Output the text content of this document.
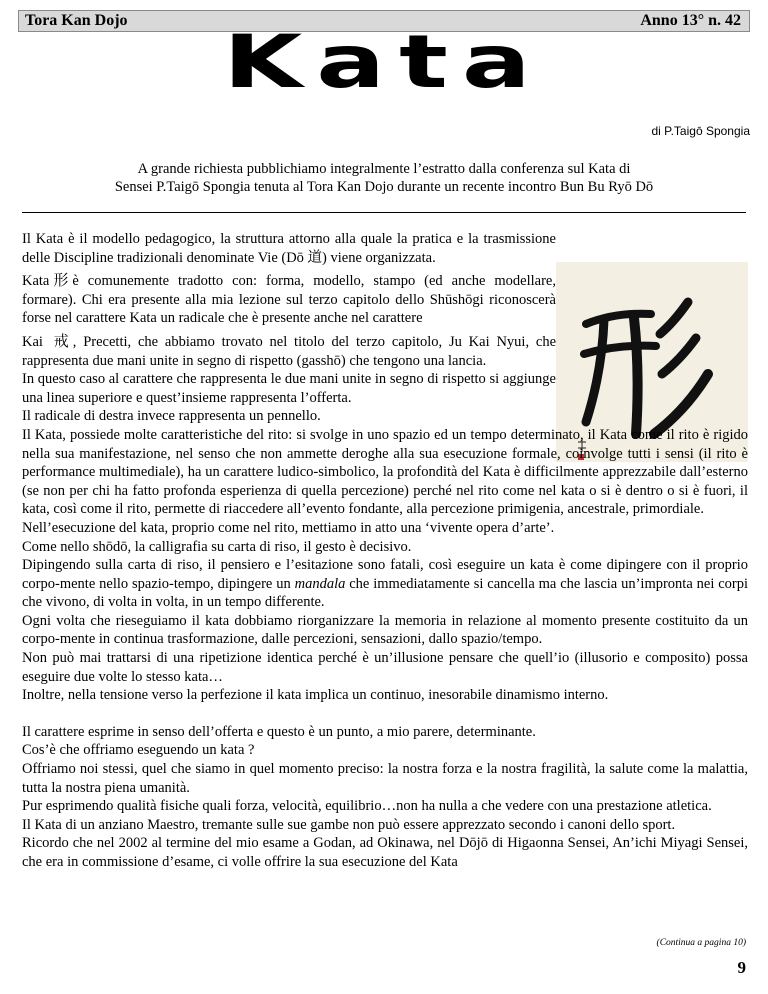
Tora Kan Dojo	Anno 13° n. 42
Kata
di P.Taigō Spongia
A grande richiesta pubblichiamo integralmente l’estratto dalla conferenza sul Kata di
Sensei P.Taigō Spongia tenuta al Tora Kan Dojo durante un recente incontro Bun Bu Ryō Dō

Il Kata è il modello pedagogico, la struttura attorno alla quale la pratica e la trasmissione delle Discipline tradizionali denominate Vie (Dō 道) viene organizzata.

Kata 形 è comunemente tradotto con: forma, modello, stampo (ed anche modellare, formare). Chi era presente alla mia lezione sul terzo capitolo dello Shūshōgi riconoscerà forse nel carattere Kata un radicale che è presente anche nel carattere

Kai 戒 , Precetti, che abbiamo trovato nel titolo del terzo capitolo, Ju Kai Nyui, che rappresenta due mani unite in segno di rispetto (gasshō) che tengono una lancia.

In questo caso al carattere che rappresenta le due mani unite in segno di rispetto si aggiunge una linea superiore e quest’insieme rappresenta l’offerta.

Il radicale di destra invece rappresenta un pennello.

Il Kata, possiede molte caratteristiche del rito: si svolge in uno spazio ed un tempo determinato, il Kata come il rito è rigido nella sua manifestazione, nel senso che non ammette deroghe alla sua esecuzione formale, coinvolge tutti i sensi (il rito è performance multimediale), ha un carattere ludico-simbolico, la profondità del Kata è difficilmente apprezzabile dall’esterno (se non per chi ha fatto profonda esperienza di quella percezione) perché nel rito come nel kata o si è dentro o si è fuori, il kata, così come il rito, permette di riaccedere all’evento fondante, alla percezione primigenia, ancestrale, primordiale.

Nell’esecuzione del kata, proprio come nel rito, mettiamo in atto una ‘vivente opera d’arte’.

Come nello shōdō, la calligrafia su carta di riso, il gesto è decisivo.

Dipingendo sulla carta di riso, il pensiero e l’esitazione sono fatali, così eseguire un kata è come dipingere con il proprio corpo-mente nello spazio-tempo, dipingere un mandala che immediatamente si cancella ma che lascia un’impronta nei corpi che vivono, di volta in volta, in un tempo differente.

Ogni volta che rieseguiamo il kata dobbiamo riorganizzare la memoria in relazione al momento presente costituito da un corpo-mente in continua trasformazione, dalle percezioni, sensazioni, dallo spazio/tempo.

Non può mai trattarsi di una ripetizione identica perché è un’illusione pensare che quell’io (illusorio e composito) possa eseguire due volte lo stesso kata…

Inoltre, nella tensione verso la perfezione il kata implica un continuo, inesorabile dinamismo interno.

Il carattere esprime in senso dell’offerta e questo è un punto, a mio parere, determinante.

Cos’è che offriamo eseguendo un kata ?

Offriamo noi stessi, quel che siamo in quel momento preciso: la nostra forza e la nostra fragilità, la salute come la malattia, tutta la nostra piena umanità.

Pur esprimendo qualità fisiche quali forza, velocità, equilibrio…non ha nulla a che vedere con una prestazione atletica.

Il Kata di un anziano Maestro, tremante sulle sue gambe non può essere apprezzato secondo i canoni dello sport.

Ricordo che nel 2002 al termine del mio esame a Godan, ad Okinawa, nel Dōjō di Higaonna Sensei, An’ichi Miyagi Sensei, che era in commissione d’esame, ci volle offrire la sua esecuzione del Kata

(Continua a pagina 10)
9
